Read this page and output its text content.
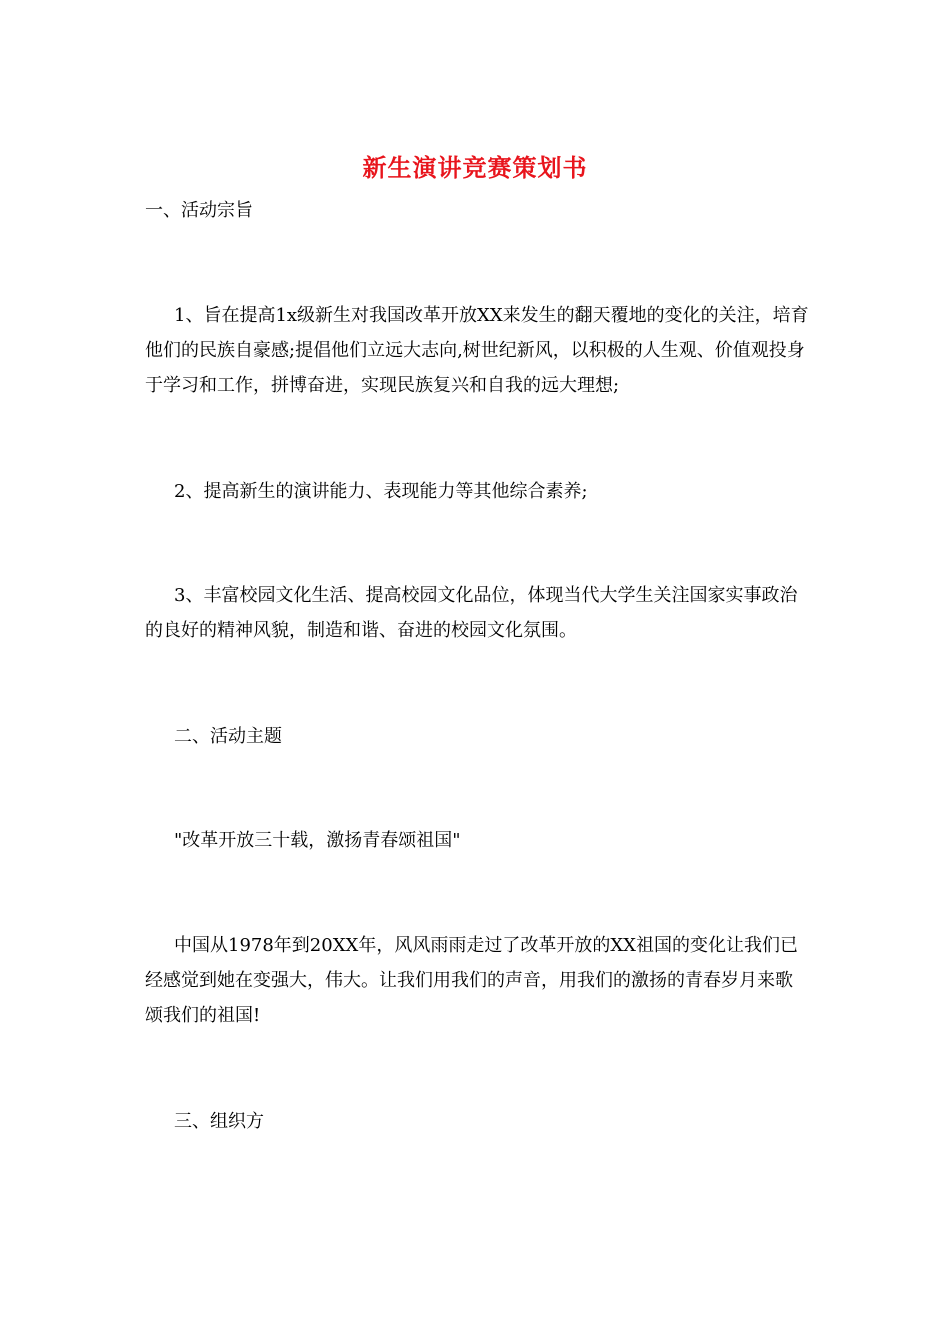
新生演讲竞赛策划书
一、活动宗旨
1、旨在提高1x级新生对我国改革开放XX来发生的翻天覆地的变化的关注，培育他们的民族自豪感;提倡他们立远大志向,树世纪新风，以积极的人生观、价值观投身于学习和工作，拼博奋进，实现民族复兴和自我的远大理想;
2、提高新生的演讲能力、表现能力等其他综合素养;
3、丰富校园文化生活、提高校园文化品位，体现当代大学生关注国家实事政治的良好的精神风貌，制造和谐、奋进的校园文化氛围。
二、活动主题
"改革开放三十载，激扬青春颂祖国"
中国从1978年到20XX年，风风雨雨走过了改革开放的XX祖国的变化让我们已经感觉到她在变强大，伟大。让我们用我们的声音，用我们的激扬的青春岁月来歌颂我们的祖国!
三、组织方
